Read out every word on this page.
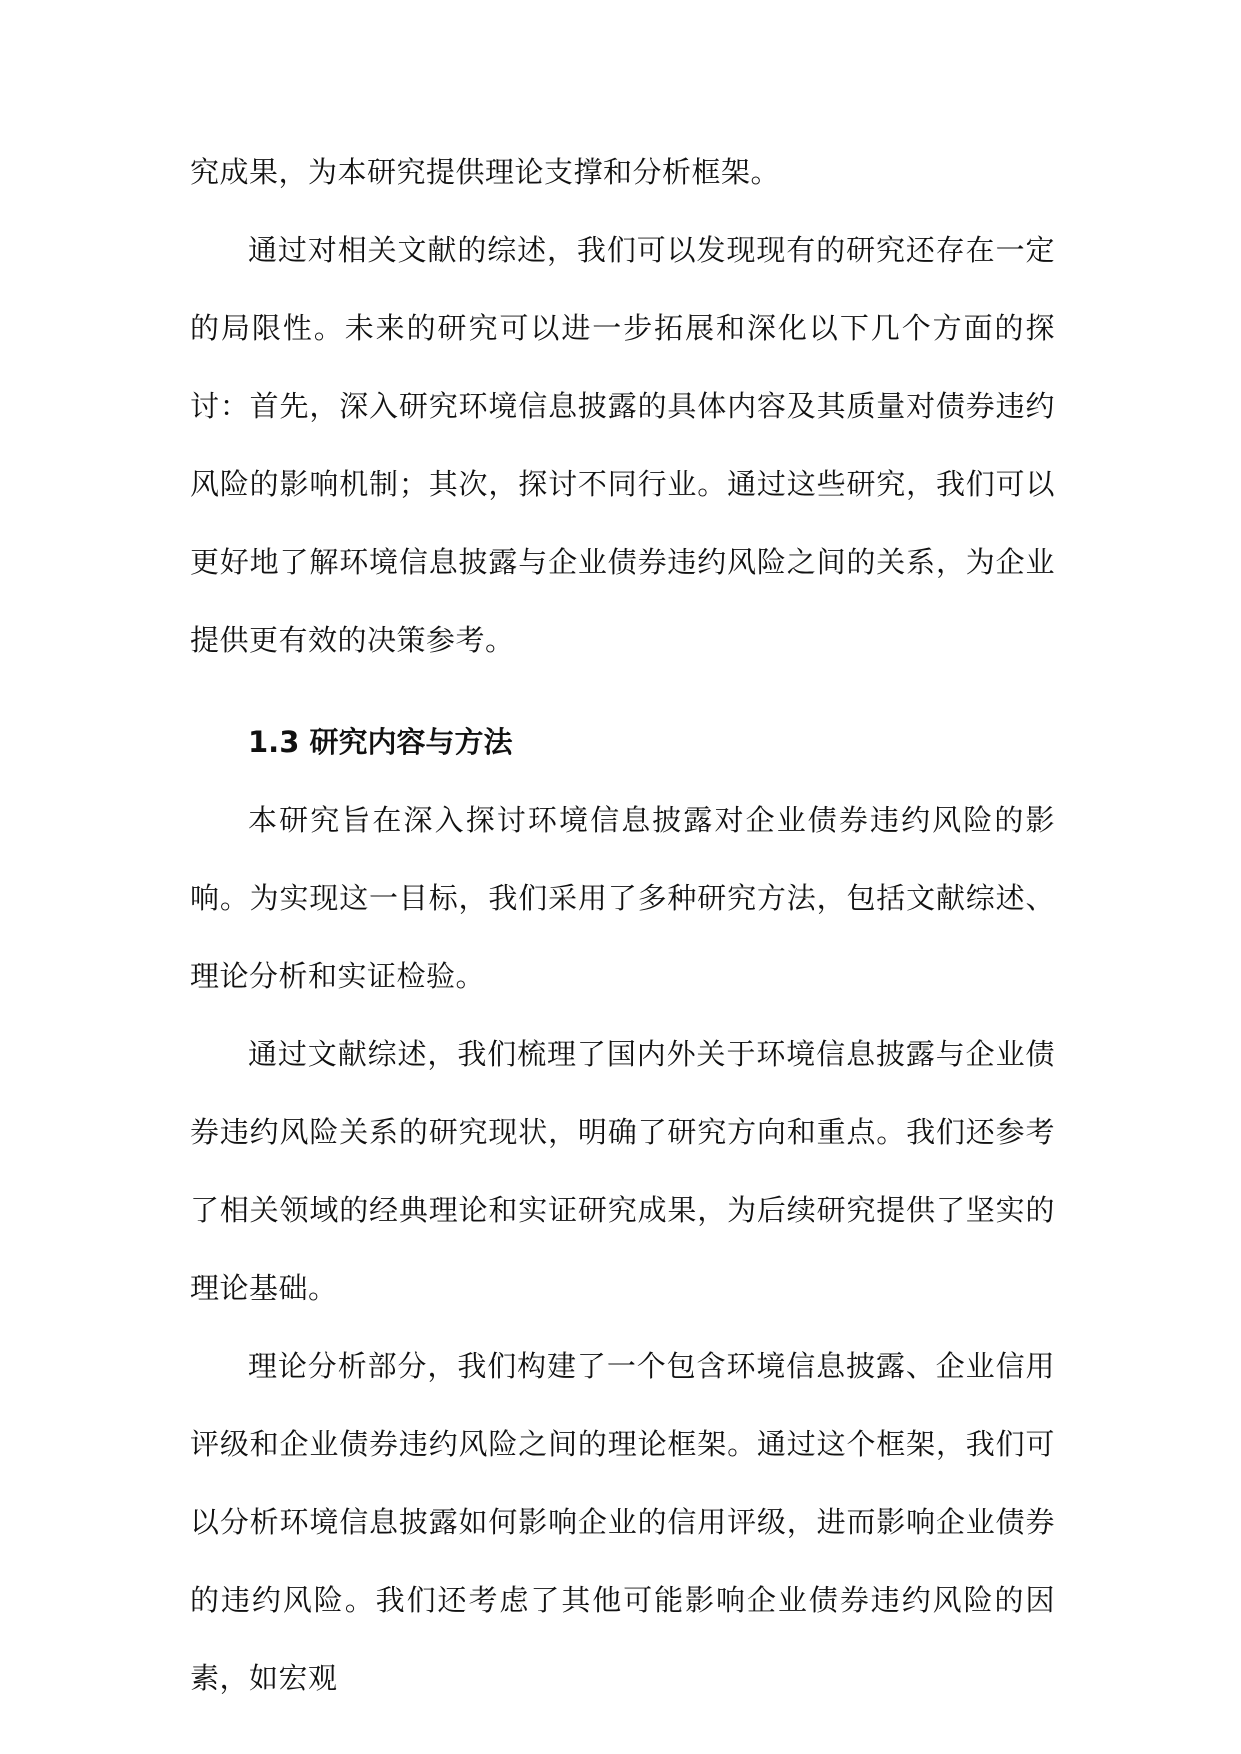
究成果，为本研究提供理论支撑和分析框架。

通过对相关文献的综述，我们可以发现现有的研究还存在一定的局限性。未来的研究可以进一步拓展和深化以下几个方面的探讨：首先，深入研究环境信息披露的具体内容及其质量对债券违约风险的影响机制；其次，探讨不同行业。通过这些研究，我们可以更好地了解环境信息披露与企业债券违约风险之间的关系，为企业提供更有效的决策参考。

1.3 研究内容与方法

本研究旨在深入探讨环境信息披露对企业债券违约风险的影响。为实现这一目标，我们采用了多种研究方法，包括文献综述、理论分析和实证检验。

通过文献综述，我们梳理了国内外关于环境信息披露与企业债券违约风险关系的研究现状，明确了研究方向和重点。我们还参考了相关领域的经典理论和实证研究成果，为后续研究提供了坚实的理论基础。

理论分析部分，我们构建了一个包含环境信息披露、企业信用评级和企业债券违约风险之间的理论框架。通过这个框架，我们可以分析环境信息披露如何影响企业的信用评级，进而影响企业债券的违约风险。我们还考虑了其他可能影响企业债券违约风险的因素，如宏观
